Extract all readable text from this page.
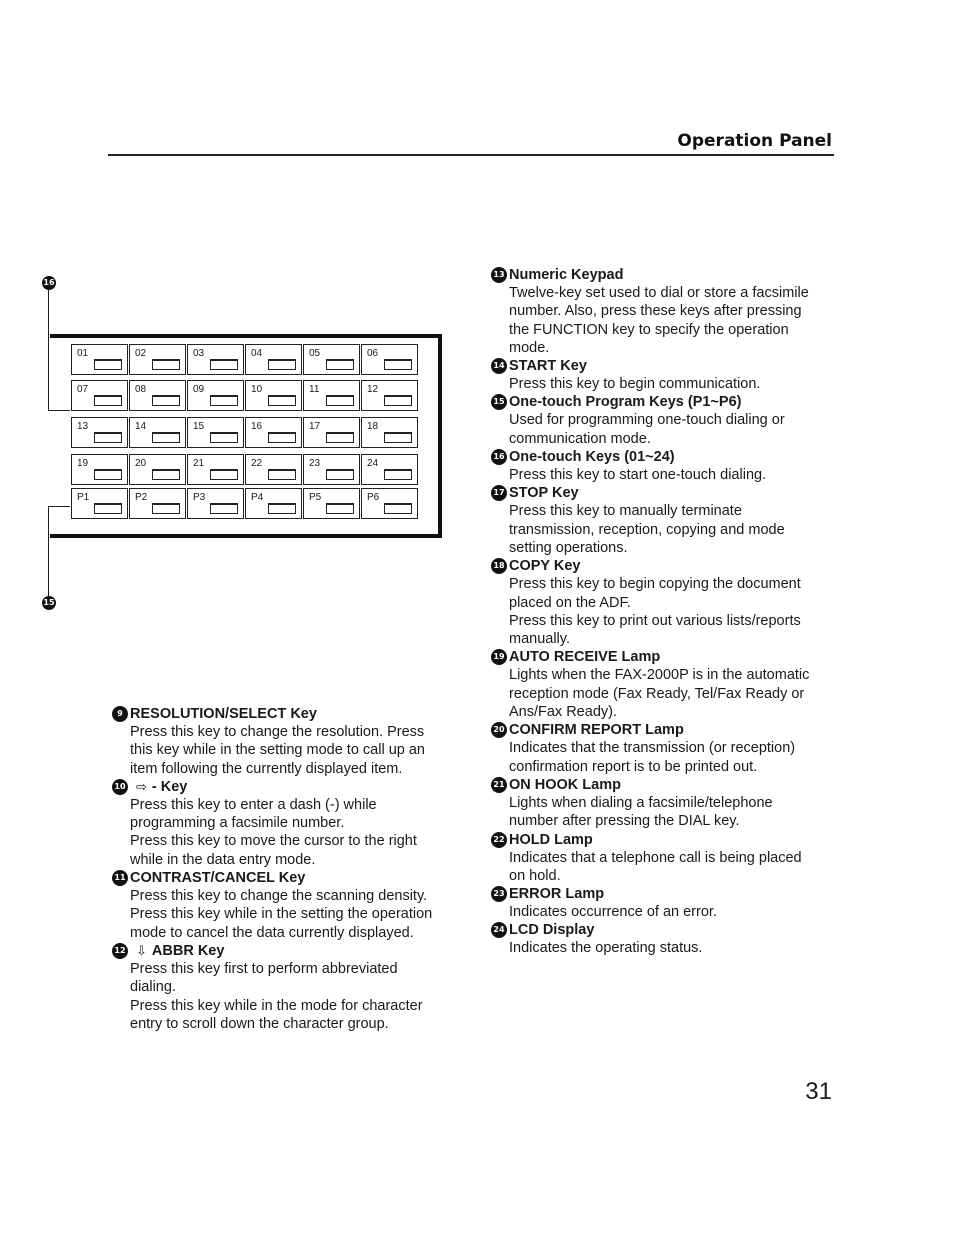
Operation Panel
16
15
01	02	03	04	05	06
07	08	09	10	11	12
13	14	15	16	17	18
19	20	21	22	23	24
P1	P2	P3	P4	P5	P6
9 RESOLUTION/SELECT Key

Press this key to change the resolution. Press

this key while in the setting mode to call up an

item following the currently displayed item.

10 ⇨ - Key

Press this key to enter a dash (-) while

programming a facsimile number.

Press this key to move the cursor to the right

while in the data entry mode.

11 CONTRAST/CANCEL Key

Press this key to change the scanning density.

Press this key while in the setting the operation

mode to cancel the data currently displayed.

12 ⇩ ABBR Key

Press this key first to perform abbreviated

dialing.

Press this key while in the mode for character

entry to scroll down the character group.

13 Numeric Keypad

Twelve-key set used to dial or store a facsimile

number. Also, press these keys after pressing

the FUNCTION key to specify the operation

mode.

14 START Key

Press this key to begin communication.

15 One-touch Program Keys (P1~P6)

Used for programming one-touch dialing or

communication mode.

16 One-touch Keys (01~24)

Press this key to start one-touch dialing.

17 STOP Key

Press this key to manually terminate

transmission, reception, copying and mode

setting operations.

18 COPY Key

Press this key to begin copying the document

placed on the ADF.

Press this key to print out various lists/reports

manually.

19 AUTO RECEIVE Lamp

Lights when the FAX-2000P is in the automatic

reception mode (Fax Ready, Tel/Fax Ready or

Ans/Fax Ready).

20 CONFIRM REPORT Lamp

Indicates that the transmission (or reception)

confirmation report is to be printed out.

21 ON HOOK Lamp

Lights when dialing a facsimile/telephone

number after pressing the DIAL key.

22 HOLD Lamp

Indicates that a telephone call is being placed

on hold.

23 ERROR Lamp

Indicates occurrence of an error.

24 LCD Display

Indicates the operating status.

31
